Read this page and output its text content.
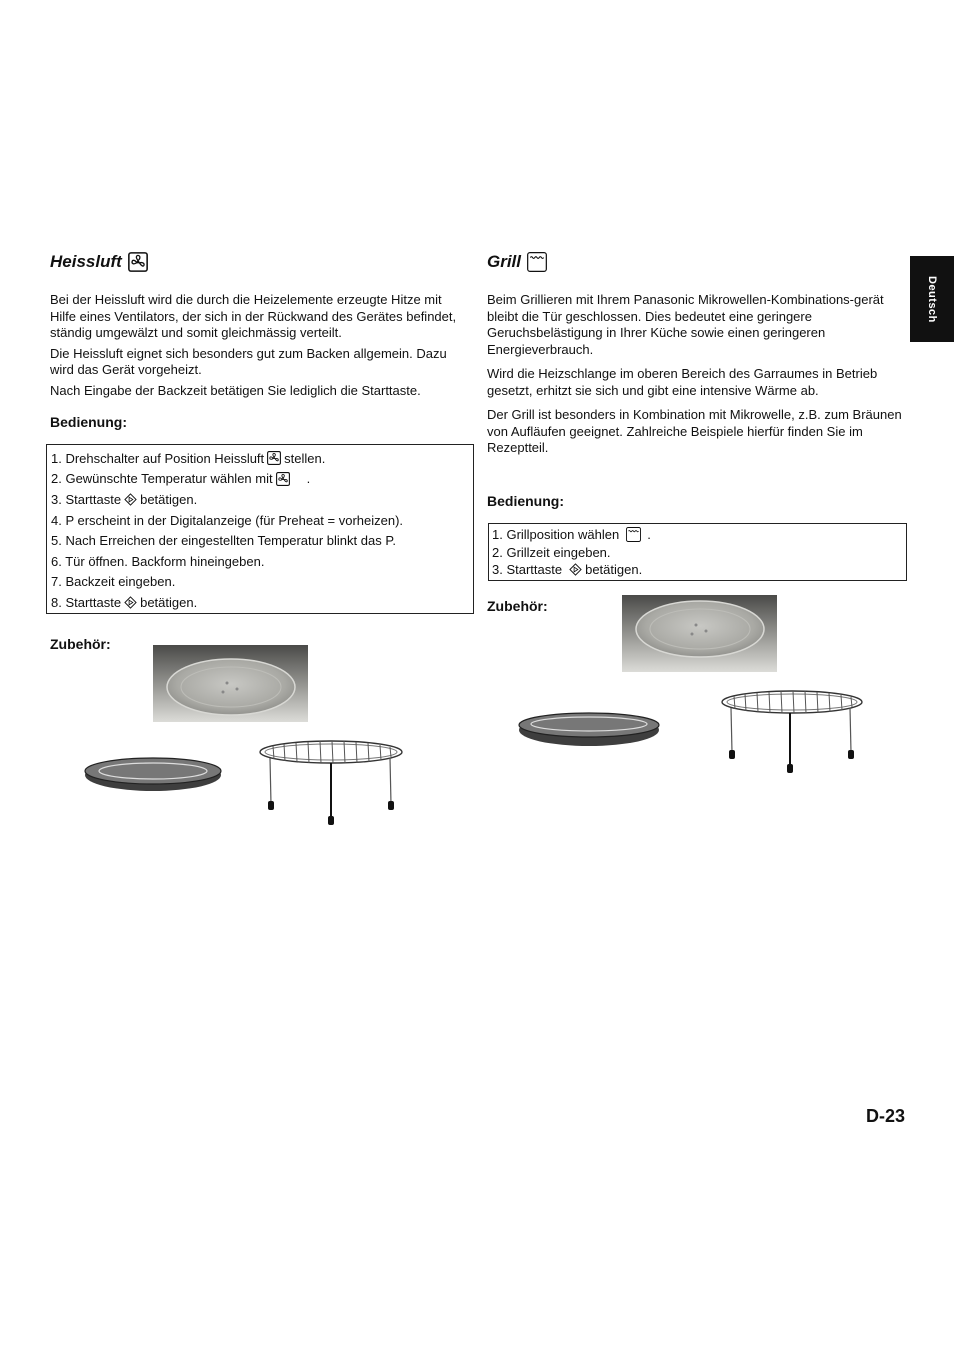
Deutsch
Heissluft

Bei der Heissluft wird die durch die Heizelemente erzeugte Hitze mit Hilfe eines Ventilators, der sich in der Rückwand des Gerätes befindet, ständig umgewälzt und somit gleichmässig verteilt.

Die Heissluft eignet sich besonders gut zum Backen allgemein. Dazu wird das Gerät vorgeheizt.

Nach Eingabe der Backzeit betätigen Sie lediglich die Starttaste.

Bedienung:
1. Drehschalter auf Position Heissluft stellen.
2. Gewünschte Temperatur wählen mit	.
3. Starttaste betätigen.
4. P erscheint in der Digitalanzeige (für Preheat = vorheizen).
5. Nach Erreichen der eingestellten Temperatur blinkt das P.
6. Tür öffnen. Backform hineingeben.
7. Backzeit eingeben.
8. Starttaste betätigen.
Zubehör:
Grill

Beim Grillieren mit Ihrem Panasonic Mikrowellen-Kombinations-gerät bleibt die Tür geschlossen. Dies bedeutet eine geringere Geruchsbelästigung in Ihrer Küche sowie einen geringeren Energieverbrauch.

Wird die Heizschlange im oberen Bereich des Garraumes in Betrieb gesetzt, erhitzt sie sich und gibt eine intensive Wärme ab.

Der Grill ist besonders in Kombination mit Mikrowelle, z.B. zum Bräunen von Aufläufen geeignet. Zahlreiche Beispiele hierfür finden Sie im Rezeptteil.

Bedienung:
1. Grillposition wählen .
2. Grillzeit eingeben.
3. Starttaste betätigen.
Zubehör:
D-23
